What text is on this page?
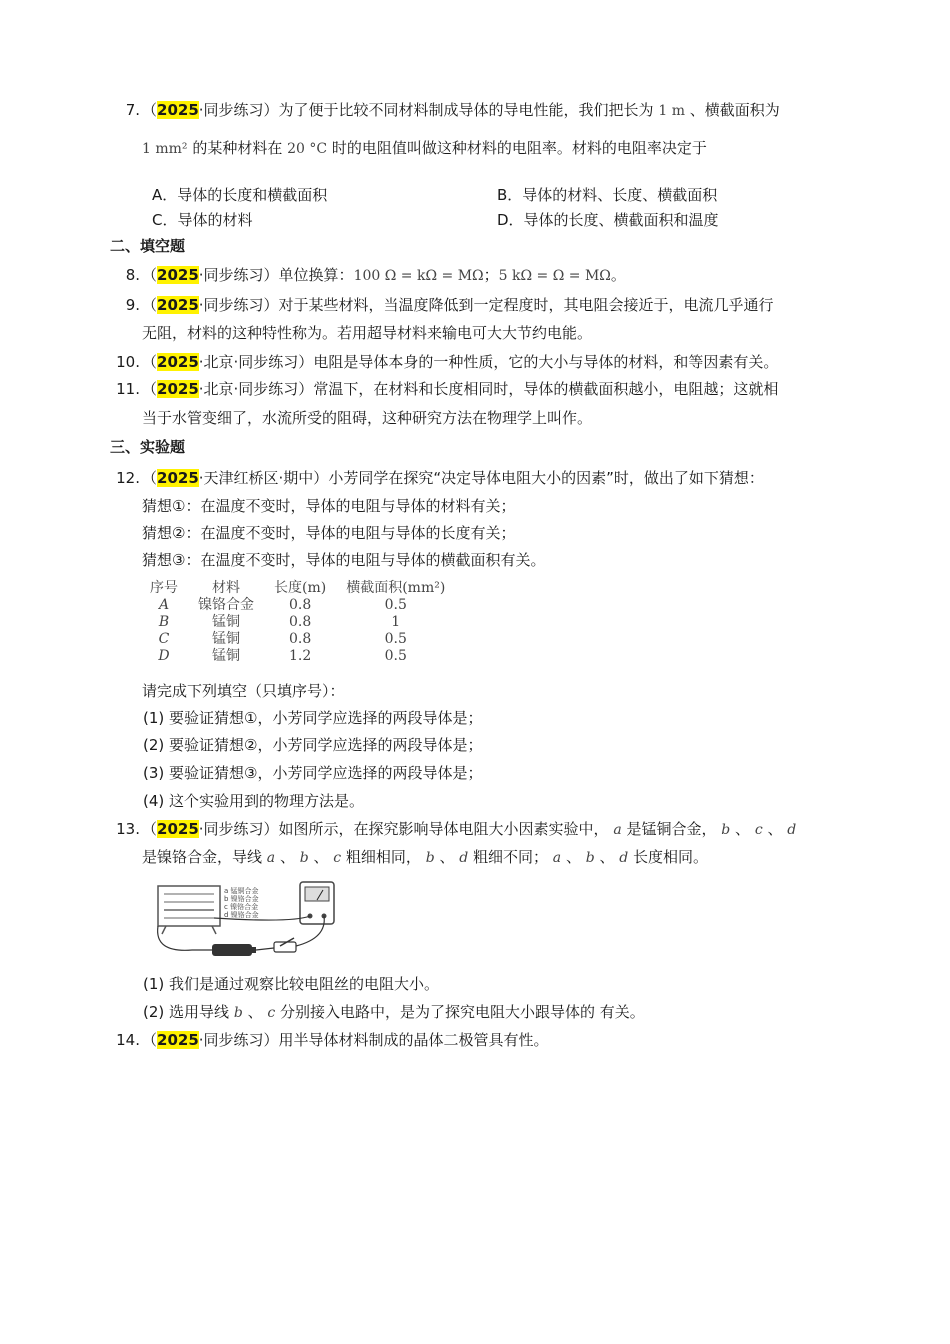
7. （2025·同步练习）为了便于比较不同材料制成导体的导电性能，我们把长为 1 m 、横截面积为
1 mm² 的某种材料在 20 °C 时的电阻值叫做这种材料的电阻率。材料的电阻率决定于
A．导体的长度和横截面积	B．导体的材料、长度、横截面积
C．导体的材料	D．导体的长度、横截面积和温度
二、填空题
8. （2025·同步练习）单位换算：100 Ω = kΩ = MΩ；5 kΩ = Ω = MΩ。
9. （2025·同步练习）对于某些材料，当温度降低到一定程度时，其电阻会接近于，电流几乎通行
无阻，材料的这种特性称为。若用超导材料来输电可大大节约电能。
10. （2025·北京·同步练习）电阻是导体本身的一种性质，它的大小与导体的材料，和等因素有关。
11. （2025·北京·同步练习）常温下，在材料和长度相同时，导体的横截面积越小，电阻越；这就相
当于水管变细了，水流所受的阻碍，这种研究方法在物理学上叫作。
三、实验题
12. （2025·天津红桥区·期中）小芳同学在探究“决定导体电阻大小的因素”时，做出了如下猜想：
猜想①：在温度不变时，导体的电阻与导体的材料有关；
猜想②：在温度不变时，导体的电阻与导体的长度有关；
猜想③：在温度不变时，导体的电阻与导体的横截面积有关。
序号	材料	长度(m)	横截面积(mm²)
A	镍铬合金	0.8	0.5
B	锰铜	0.8	1
C	锰铜	0.8	0.5
D	锰铜	1.2	0.5
请完成下列填空（只填序号）：
(1) 要验证猜想①，小芳同学应选择的两段导体是；
(2) 要验证猜想②，小芳同学应选择的两段导体是；
(3) 要验证猜想③，小芳同学应选择的两段导体是；
(4) 这个实验用到的物理方法是。
13. （2025·同步练习）如图所示，在探究影响导体电阻大小因素实验中， a 是锰铜合金， b 、 c 、 d
是镍铬合金，导线 a 、 b 、 c 粗细相同， b 、 d 粗细不同； a 、 b 、 d 长度相同。
a 锰铜合金
b 镍铬合金
c 镍铬合金
d 镍铬合金
(1) 我们是通过观察比较电阻丝的电阻大小。
(2) 选用导线 b 、 c 分别接入电路中，是为了探究电阻大小跟导体的 有关。
14. （2025·同步练习）用半导体材料制成的晶体二极管具有性。
